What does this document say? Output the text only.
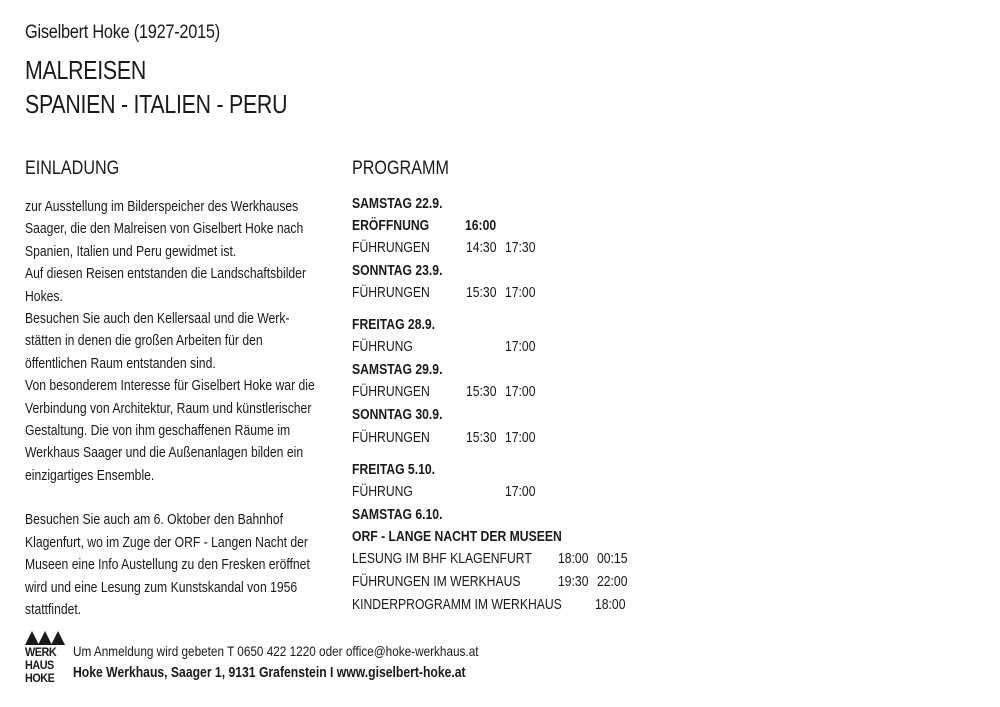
Giselbert Hoke (1927-2015)
MALREISEN
SPANIEN - ITALIEN - PERU
EINLADUNG
zur Ausstellung im Bilderspeicher des Werkhauses
Saager, die den Malreisen von Giselbert Hoke nach
Spanien, Italien und Peru gewidmet ist.
Auf diesen Reisen entstanden die Landschaftsbilder
Hokes.
Besuchen Sie auch den Kellersaal und die Werk-
stätten in denen die großen Arbeiten für den
öffentlichen Raum entstanden sind.
Von besonderem Interesse für Giselbert Hoke war die
Verbindung von Architektur, Raum und künstlerischer
Gestaltung. Die von ihm geschaffenen Räume im
Werkhaus Saager und die Außenanlagen bilden ein
einzigartiges Ensemble.
Besuchen Sie auch am 6. Oktober den Bahnhof
Klagenfurt, wo im Zuge der ORF - Langen Nacht der
Museen eine Info Austellung zu den Fresken eröffnet
wird und eine Lesung zum Kunstskandal von 1956
stattfindet.
PROGRAMM
SAMSTAG 22.9.
ERÖFFNUNG 16:00
FÜHRUNGEN 14:30 17:30
SONNTAG 23.9.
FÜHRUNGEN 15:30 17:00
FREITAG 28.9.
FÜHRUNG	17:00
SAMSTAG 29.9.
FÜHRUNGEN 15:30 17:00
SONNTAG 30.9.
FÜHRUNGEN 15:30 17:00
FREITAG 5.10.
FÜHRUNG	17:00
SAMSTAG 6.10.
ORF - LANGE NACHT DER MUSEEN
LESUNG IM BHF KLAGENFURT 18:00 00:15
FÜHRUNGEN IM WERKHAUS	19:30 22:00
KINDERPROGRAMM IM WERKHAUS 18:00
WERK
HAUS
HOKE
Um Anmeldung wird gebeten T 0650 422 1220 oder office@hoke-werkhaus.at
Hoke Werkhaus, Saager 1, 9131 Grafenstein I www.giselbert-hoke.at
